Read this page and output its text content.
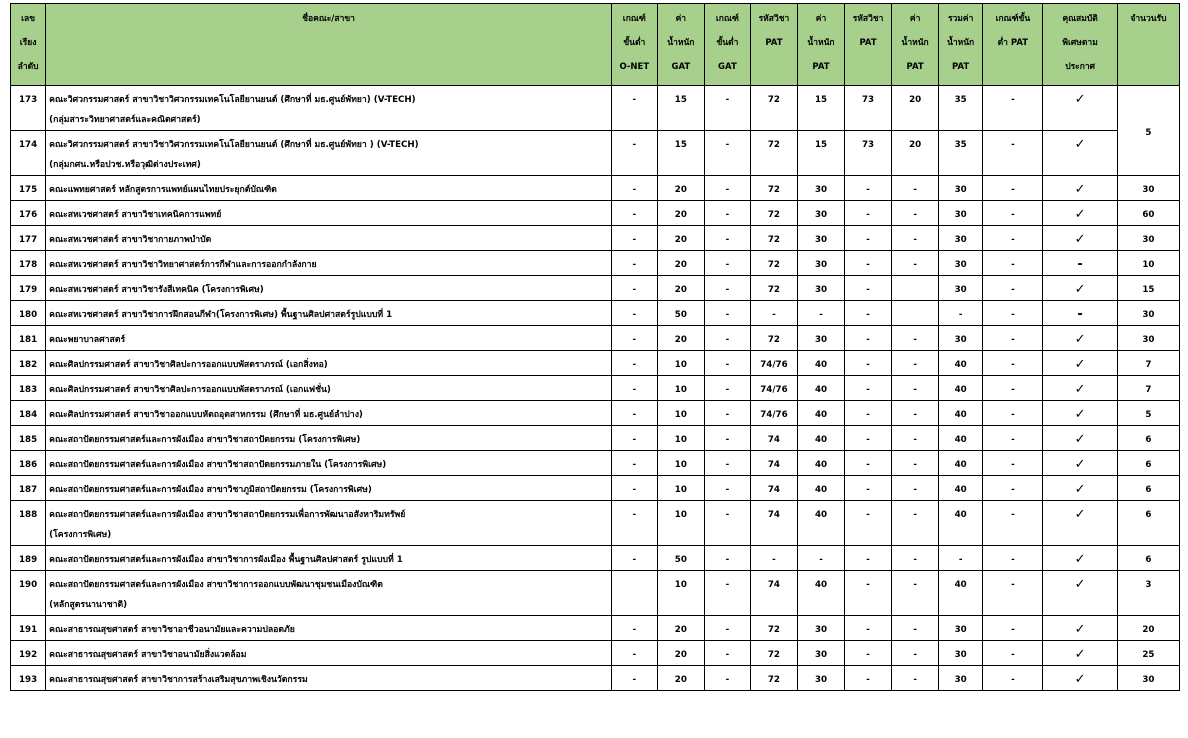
เลข
เรียง
ลำดับ	ชื่อคณะ/สาขา	เกณฑ์
ขั้นต่ำ
O-NET	ค่า
น้ำหนัก
GAT	เกณฑ์
ขั้นต่ำ
GAT	รหัสวิชา
PAT	ค่า
น้ำหนัก
PAT	รหัสวิชา
PAT	ค่า
น้ำหนัก
PAT	รวมค่า
น้ำหนัก
PAT	เกณฑ์ขั้น
ต่ำ PAT	คุณสมบัติ
พิเศษตาม
ประกาศ	จำนวนรับ

173	คณะวิศวกรรมศาสตร์ สาขาวิชาวิศวกรรมเทคโนโลยียานยนต์ (ศึกษาที่ มธ.ศูนย์พัทยา) (V-TECH)
(กลุ่มสาระวิทยาศาสตร์และคณิตศาสตร์)	-	15	-	72	15	73	20	35	-	✓	5
174	คณะวิศวกรรมศาสตร์ สาขาวิชาวิศวกรรมเทคโนโลยียานยนต์ (ศึกษาที่ มธ.ศูนย์พัทยา ) (V-TECH)
(กลุ่มกศน.หรือปวช.หรือวุฒิต่างประเทศ)	-	15	-	72	15	73	20	35	-	✓	
175	คณะแพทยศาสตร์ หลักสูตรการแพทย์แผนไทยประยุกต์บัณฑิต	-	20	-	72	30	-	-	30	-	✓	30
176	คณะสหเวชศาสตร์ สาขาวิชาเทคนิคการแพทย์	-	20	-	72	30	-	-	30	-	✓	60
177	คณะสหเวชศาสตร์ สาขาวิชากายภาพบำบัด	-	20	-	72	30	-	-	30	-	✓	30
178	คณะสหเวชศาสตร์ สาขาวิชาวิทยาศาสตร์การกีฬาและการออกกำลังกาย	-	20	-	72	30	-	-	30	-	-	10
179	คณะสหเวชศาสตร์ สาขาวิชารังสีเทคนิค (โครงการพิเศษ)	-	20	-	72	30	-		30	-	✓	15
180	คณะสหเวชศาสตร์ สาขาวิชาการฝึกสอนกีฬา(โครงการพิเศษ) พื้นฐานศิลปศาสตร์รูปแบบที่ 1	-	50	-	-	-	-		-	-	-	30
181	คณะพยาบาลศาสตร์	-	20	-	72	30	-	-	30	-	✓	30
182	คณะศิลปกรรมศาสตร์ สาขาวิชาศิลปะการออกแบบพัสตราภรณ์ (เอกสิ่งทอ)	-	10	-	74/76	40	-	-	40	-	✓	7
183	คณะศิลปกรรมศาสตร์ สาขาวิชาศิลปะการออกแบบพัสตราภรณ์ (เอกแฟชั่น)	-	10	-	74/76	40	-	-	40	-	✓	7
184	คณะศิลปกรรมศาสตร์ สาขาวิชาออกแบบหัตถอุตสาหกรรม (ศึกษาที่ มธ.ศูนย์ลำปาง)	-	10	-	74/76	40	-	-	40	-	✓	5
185	คณะสถาปัตยกรรมศาสตร์และการผังเมือง สาขาวิชาสถาปัตยกรรม (โครงการพิเศษ)	-	10	-	74	40	-	-	40	-	✓	6
186	คณะสถาปัตยกรรมศาสตร์และการผังเมือง สาขาวิชาสถาปัตยกรรมภายใน (โครงการพิเศษ)	-	10	-	74	40	-	-	40	-	✓	6
187	คณะสถาปัตยกรรมศาสตร์และการผังเมือง สาขาวิชาภูมิสถาปัตยกรรม (โครงการพิเศษ)	-	10	-	74	40	-	-	40	-	✓	6
188	คณะสถาปัตยกรรมศาสตร์และการผังเมือง สาขาวิชาสถาปัตยกรรมเพื่อการพัฒนาอสังหาริมทรัพย์
(โครงการพิเศษ)	-	10	-	74	40	-	-	40	-	✓	6
189	คณะสถาปัตยกรรมศาสตร์และการผังเมือง สาขาวิชาการผังเมือง พื้นฐานศิลปศาสตร์ รูปแบบที่ 1	-	50	-	-	-	-	-	-	-	✓	6
190	คณะสถาปัตยกรรมศาสตร์และการผังเมือง สาขาวิชาการออกแบบพัฒนาชุมชนเมืองบัณฑิต
(หลักสูตรนานาชาติ)		10	-	74	40	-	-	40	-	✓	3
191	คณะสาธารณสุขศาสตร์ สาขาวิชาอาชีวอนามัยและความปลอดภัย	-	20	-	72	30	-	-	30	-	✓	20
192	คณะสาธารณสุขศาสตร์ สาขาวิชาอนามัยสิ่งแวดล้อม	-	20	-	72	30	-	-	30	-	✓	25
193	คณะสาธารณสุขศาสตร์ สาขาวิชาการสร้างเสริมสุขภาพเชิงนวัตกรรม	-	20	-	72	30	-	-	30	-	✓	30
